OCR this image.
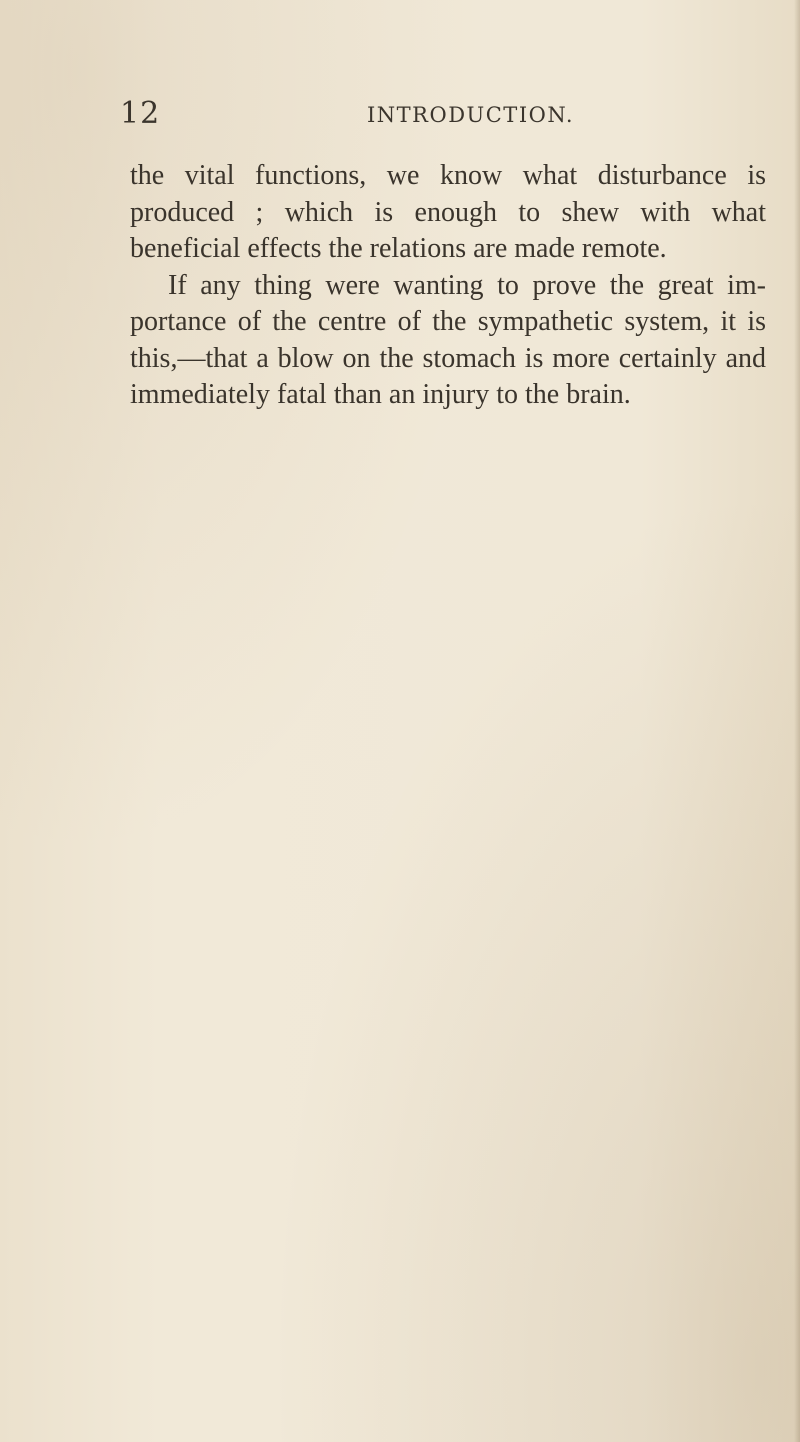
12	INTRODUCTION.

the vital functions, we know what disturbance is produced ; which is enough to shew with what beneficial effects the relations are made remote.

If any thing were wanting to prove the great im-portance of the centre of the sympathetic system, it is this,—that a blow on the stomach is more certainly and immediately fatal than an injury to the brain.
